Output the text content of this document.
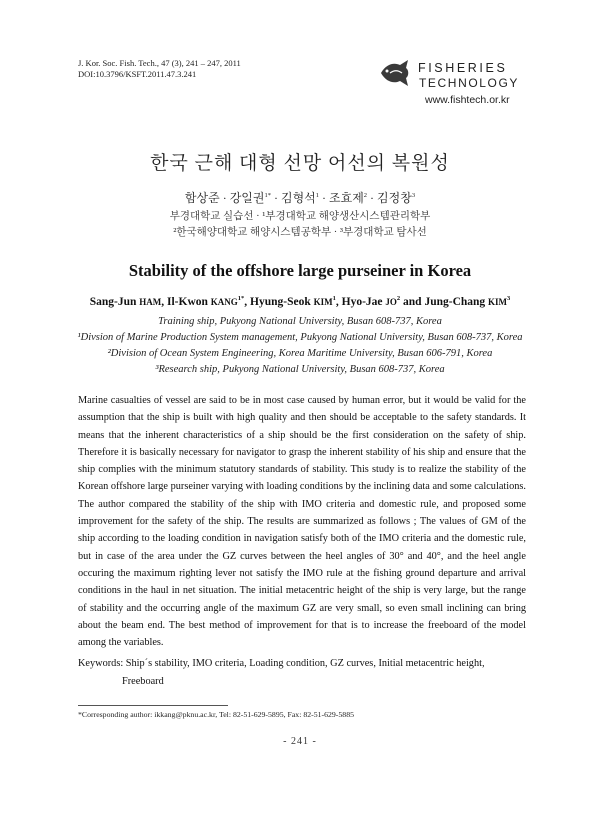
J. Kor. Soc. Fish. Tech., 47 (3), 241 – 247, 2011
DOI:10.3796/KSFT.2011.47.3.241	FISHERIES
TECHNOLOGY
www.fishtech.or.kr
한국 근해 대형 선망 어선의 복원성
함상준 · 강일권$^{1*}$ · 김형석$^1$ · 조효제$^2$ · 김정창$^3$
부경대학교 실습선 · ¹부경대학교 해양생산시스템관리학부
²한국해양대학교 해양시스템공학부 · ³부경대학교 탐사선
Stability of the offshore large purseiner in Korea
Sang-Jun HAM, Il-Kwon $KANG^{1*}$, Hyung-Seok KIM$^1$, Hyo-Jae $JO^2$ and Jung-Chang KIM$^3$
Training ship, Pukyong National University, Busan 608-737, Korea
¹Divsion of Marine Production System management, Pukyong National University, Busan 608-737, Korea
²Division of Ocean System Engineering, Korea Maritime University, Busan 606-791, Korea
³Research ship, Pukyong National University, Busan 608-737, Korea
Marine casualties of vessel are said to be in most case caused by human error, but it would be valid for the assumption that the ship is built with high quality and then should be acceptable to the safety standards. It means that the inherent characteristics of a ship should be the first consideration on the safety of ship. Therefore it is basically necessary for navigator to grasp the inherent stability of his ship and ensure that the ship complies with the minimum statutory standards of stability. This study is to realize the stability of the Korean offshore large purseiner varying with loading conditions by the inclining data and some calculations. The author compared the stability of the ship with IMO criteria and domestic rule, and proposed some improvement for the safety of the ship. The results are summarized as follows ; The values of GM of the ship according to the loading condition in navigation satisfy both of the IMO criteria and the domestic rule, but in case of the area under the GZ curves between the heel angles of 30° and 40°, and the heel angle occuring the maximum righting lever not satisfy the IMO rule at the fishing ground departure and arrival conditions in the haul in net situation. The initial metacentric height of the ship is very large, but the range of stability and the occurring angle of the maximum GZ are very small, so even small inclining can bring about the beam end. The best method of improvement for that is to increase the freeboard of the model among the variables.
Keywords: Ship´s stability, IMO criteria, Loading condition, GZ curves, Initial metacentric height,
Freeboard
*Corresponding author: ikkang@pknu.ac.kr, Tel: 82-51-629-5895, Fax: 82-51-629-5885
- 241 -
